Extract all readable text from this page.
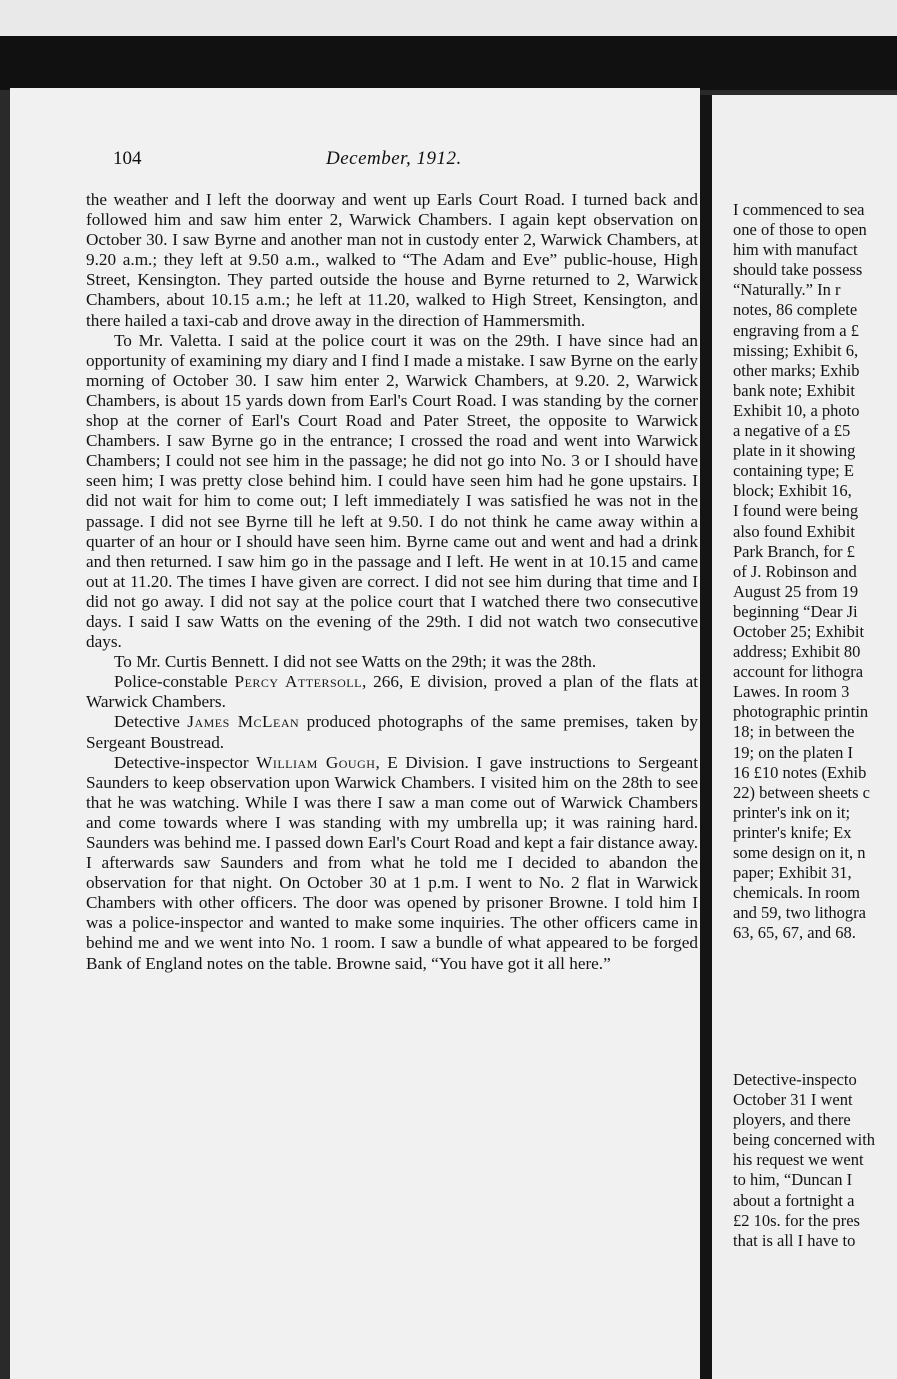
104	December, 1912.

the weather and I left the doorway and went up Earls Court Road. I turned back and followed him and saw him enter 2, Warwick Chambers. I again kept observation on October 30. I saw Byrne and another man not in custody enter 2, Warwick Chambers, at 9.20 a.m.; they left at 9.50 a.m., walked to “The Adam and Eve” public-house, High Street, Kensington. They parted outside the house and Byrne returned to 2, Warwick Chambers, about 10.15 a.m.; he left at 11.20, walked to High Street, Kensington, and there hailed a taxi-cab and drove away in the direction of Hammersmith.

To Mr. Valetta. I said at the police court it was on the 29th. I have since had an opportunity of examining my diary and I find I made a mistake. I saw Byrne on the early morning of October 30. I saw him enter 2, Warwick Chambers, at 9.20. 2, Warwick Chambers, is about 15 yards down from Earl's Court Road. I was standing by the corner shop at the corner of Earl's Court Road and Pater Street, the opposite to Warwick Chambers. I saw Byrne go in the entrance; I crossed the road and went into Warwick Chambers; I could not see him in the passage; he did not go into No. 3 or I should have seen him; I was pretty close behind him. I could have seen him had he gone upstairs. I did not wait for him to come out; I left immediately I was satisfied he was not in the passage. I did not see Byrne till he left at 9.50. I do not think he came away within a quarter of an hour or I should have seen him. Byrne came out and went and had a drink and then returned. I saw him go in the passage and I left. He went in at 10.15 and came out at 11.20. The times I have given are correct. I did not see him during that time and I did not go away. I did not say at the police court that I watched there two consecutive days. I said I saw Watts on the evening of the 29th. I did not watch two consecutive days.

To Mr. Curtis Bennett. I did not see Watts on the 29th; it was the 28th.

Police-constable Percy Attersoll, 266, E division, proved a plan of the flats at Warwick Chambers.

Detective James McLean produced photographs of the same premises, taken by Sergeant Boustread.

Detective-inspector William Gough, E Division. I gave instructions to Sergeant Saunders to keep observation upon Warwick Chambers. I visited him on the 28th to see that he was watching. While I was there I saw a man come out of Warwick Chambers and come towards where I was standing with my umbrella up; it was raining hard. Saunders was behind me. I passed down Earl's Court Road and kept a fair distance away. I afterwards saw Saunders and from what he told me I decided to abandon the observation for that night. On October 30 at 1 p.m. I went to No. 2 flat in Warwick Chambers with other officers. The door was opened by prisoner Browne. I told him I was a police-inspector and wanted to make some inquiries. The other officers came in behind me and we went into No. 1 room. I saw a bundle of what appeared to be forged Bank of England notes on the table. Browne said, “You have got it all here.”

I commenced to sea
one of those to open
him with manufact
should take possess
“Naturally.” In r
notes, 86 complete
engraving from a £
missing; Exhibit 6,
other marks; Exhib
bank note; Exhibit
Exhibit 10, a photo
a negative of a £5
plate in it showing
containing type; E
block; Exhibit 16,
I found were being
also found Exhibit
Park Branch, for £
of J. Robinson and
August 25 from 19
beginning “Dear Ji
October 25; Exhibit
address; Exhibit 80
account for lithogra
Lawes. In room 3
photographic printin
18; in between the
19; on the platen I
16 £10 notes (Exhib
22) between sheets c
printer's ink on it;
printer's knife; Ex
some design on it, n
paper; Exhibit 31,
chemicals. In room
and 59, two lithogra
63, 65, 67, and 68.
Detective-inspecto
October 31 I went
ployers, and there
being concerned with
his request we went
to him, “Duncan I
about a fortnight a
£2 10s. for the pres
that is all I have to
